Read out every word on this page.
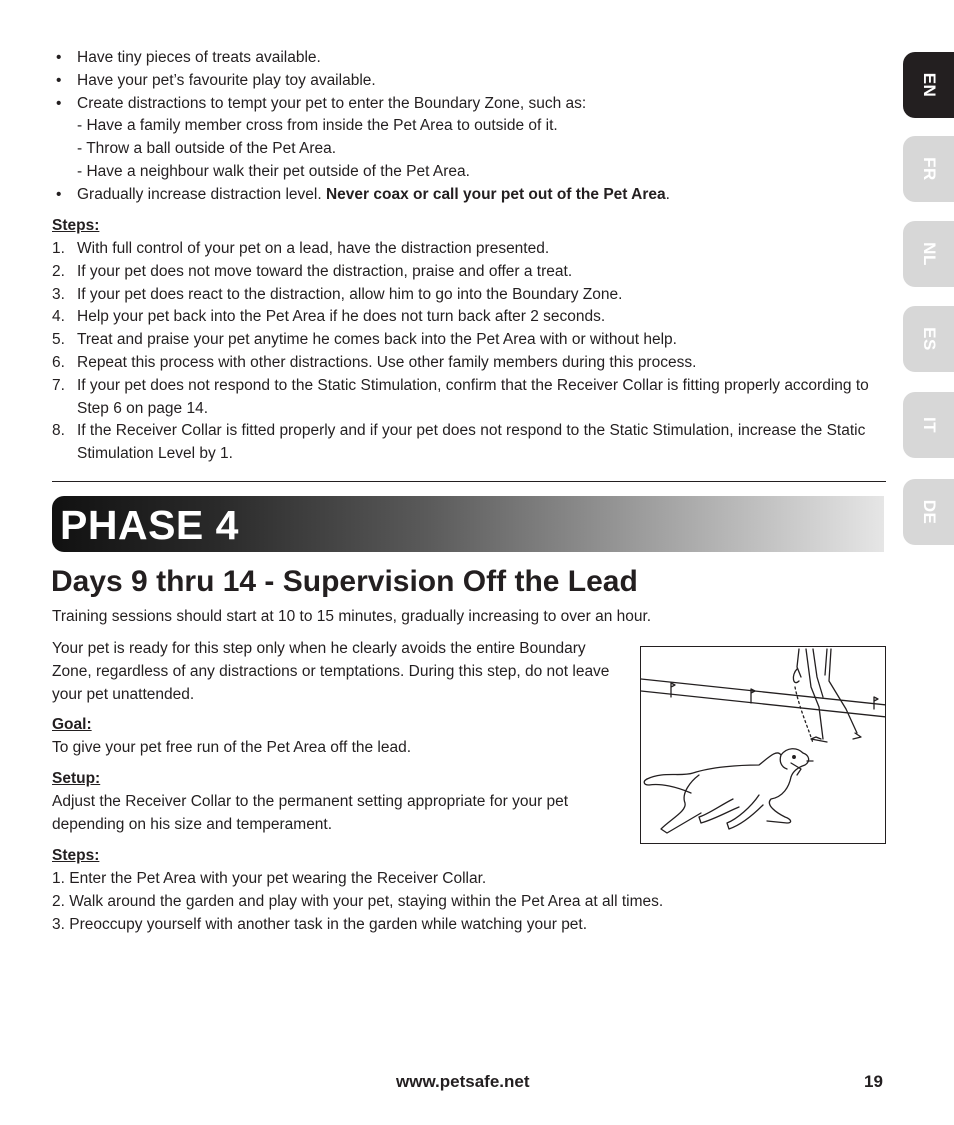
• Have tiny pieces of treats available.
• Have your pet’s favourite play toy available.
• Create distractions to tempt your pet to enter the Boundary Zone, such as:
- Have a family member cross from inside the Pet Area to outside of it.
- Throw a ball outside of the Pet Area.
- Have a neighbour walk their pet outside of the Pet Area.
• Gradually increase distraction level. Never coax or call your pet out of the Pet Area.
Steps:
1. With full control of your pet on a lead, have the distraction presented.
2. If your pet does not move toward the distraction, praise and offer a treat.
3. If your pet does react to the distraction, allow him to go into the Boundary Zone.
4. Help your pet back into the Pet Area if he does not turn back after 2 seconds.
5. Treat and praise your pet anytime he comes back into the Pet Area with or without help.
6. Repeat this process with other distractions. Use other family members during this process.
7. If your pet does not respond to the Static Stimulation, confirm that the Receiver Collar is fitting properly according to Step 6 on page 14.
8. If the Receiver Collar is fitted properly and if your pet does not respond to the Static Stimulation, increase the Static Stimulation Level by 1.
PHASE 4
Days 9 thru 14 - Supervision Off the Lead

Training sessions should start at 10 to 15 minutes, gradually increasing to over an hour.

Your pet is ready for this step only when he clearly avoids the entire Boundary Zone, regardless of any distractions or temptations. During this step, do not leave your pet unattended.

Goal:

To give your pet free run of the Pet Area off the lead.

Setup:

Adjust the Receiver Collar to the permanent setting appropriate for your pet depending on his size and temperament.

Steps:
1. Enter the Pet Area with your pet wearing the Receiver Collar.
2. Walk around the garden and play with your pet, staying within the Pet Area at all times.
3. Preoccupy yourself with another task in the garden while watching your pet.
EN
FR
NL
ES
IT
DE
www.petsafe.net	19
